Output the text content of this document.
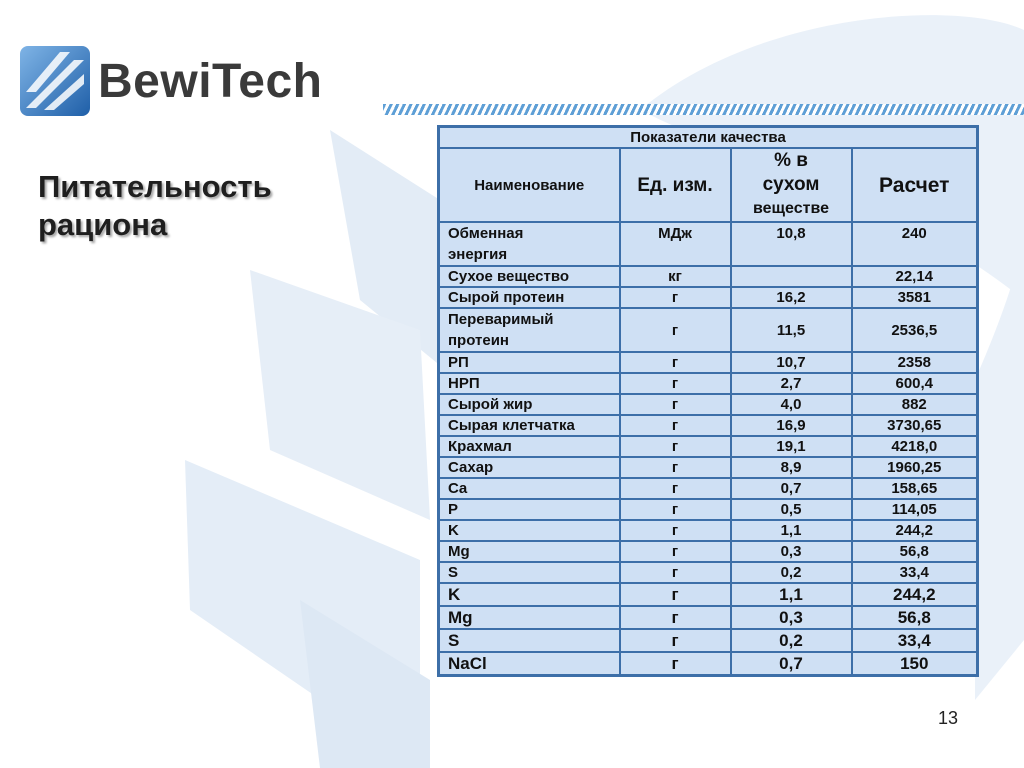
BewiTech
Питательность
рациона
Показатели качества			
Наименование	Ед. изм.	% в
сухом
веществе	Расчет

Обменная
энергия	МДж	10,8	240
Сухое вещество	кг		22,14
Сырой протеин	г	16,2	3581

Переваримый
протеин	г	11,5	2536,5
РП	г	10,7	2358
НРП	г	2,7	600,4
Сырой жир	г	4,0	882
Сырая клетчатка	г	16,9	3730,65
Крахмал	г	19,1	4218,0
Сахар	г	8,9	1960,25
Ca	г	0,7	158,65
P	г	0,5	114,05
K	г	1,1	244,2
Mg	г	0,3	56,8
S	г	0,2	33,4
K	г	1,1	244,2
Mg	г	0,3	56,8
S	г	0,2	33,4
NaCl	г	0,7	150
13
